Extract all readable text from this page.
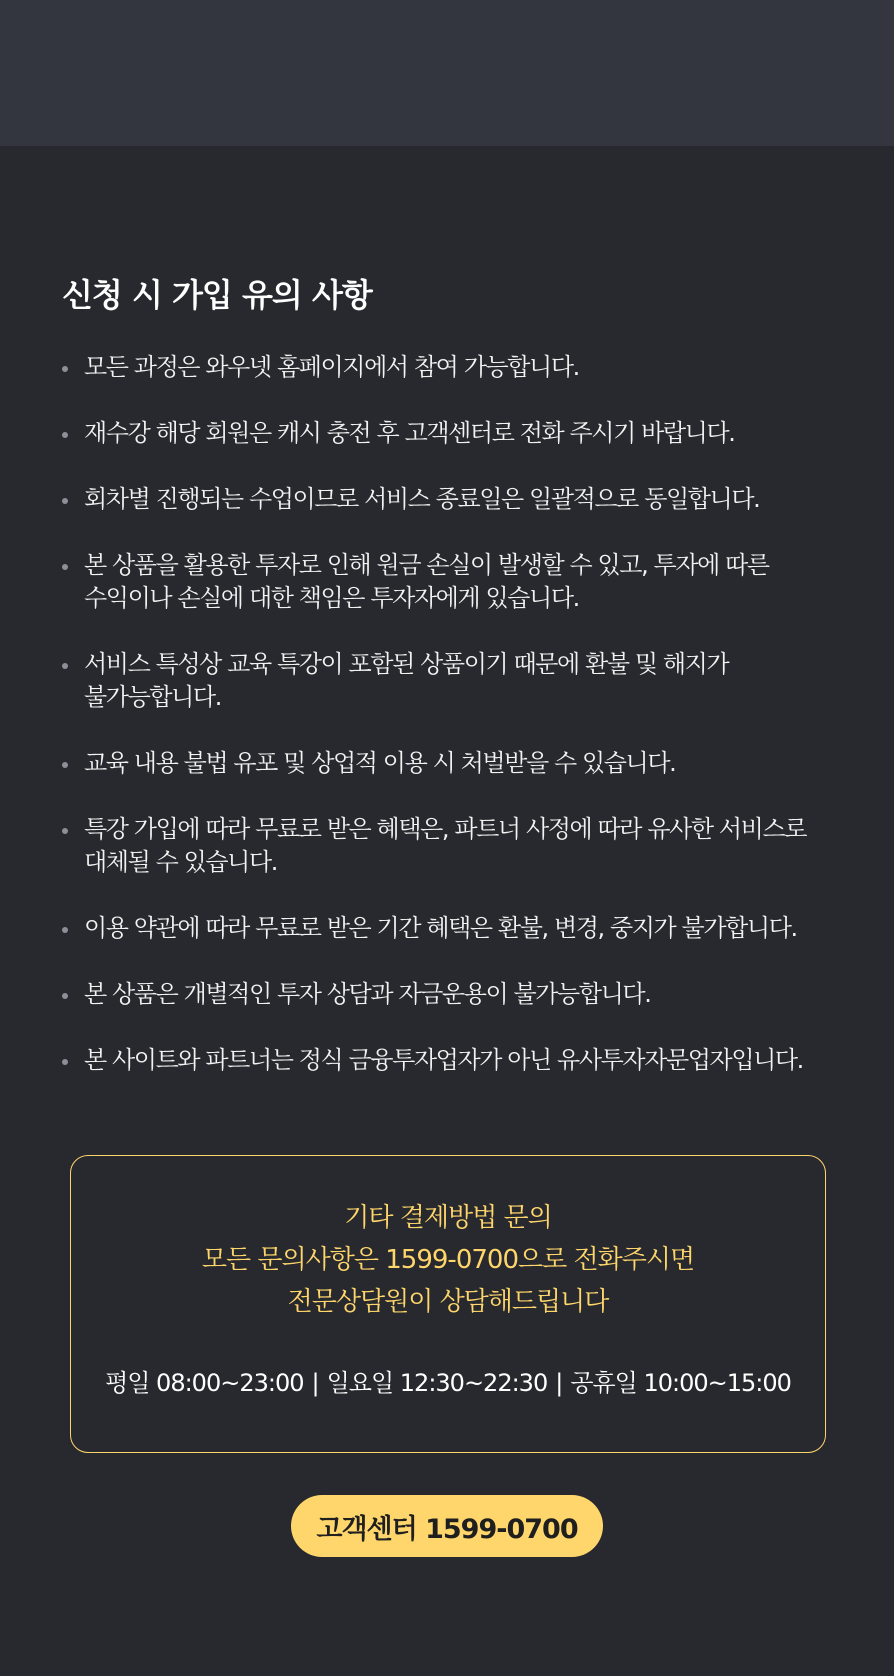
신청 시 가입 유의 사항
모든 과정은 와우넷 홈페이지에서 참여 가능합니다.
재수강 해당 회원은 캐시 충전 후 고객센터로 전화 주시기 바랍니다.
회차별 진행되는 수업이므로 서비스 종료일은 일괄적으로 동일합니다.
본 상품을 활용한 투자로 인해 원금 손실이 발생할 수 있고, 투자에 따른
수익이나 손실에 대한 책임은 투자자에게 있습니다.
서비스 특성상 교육 특강이 포함된 상품이기 때문에 환불 및 해지가
불가능합니다.
교육 내용 불법 유포 및 상업적 이용 시 처벌받을 수 있습니다.
특강 가입에 따라 무료로 받은 혜택은, 파트너 사정에 따라 유사한 서비스로
대체될 수 있습니다.
이용 약관에 따라 무료로 받은 기간 혜택은 환불, 변경, 중지가 불가합니다.
본 상품은 개별적인 투자 상담과 자금운용이 불가능합니다.
본 사이트와 파트너는 정식 금융투자업자가 아닌 유사투자자문업자입니다.
기타 결제방법 문의
모든 문의사항은 1599-0700으로 전화주시면
전문상담원이 상담해드립니다
평일 08:00~23:00 | 일요일 12:30~22:30 | 공휴일 10:00~15:00
고객센터 1599-0700
